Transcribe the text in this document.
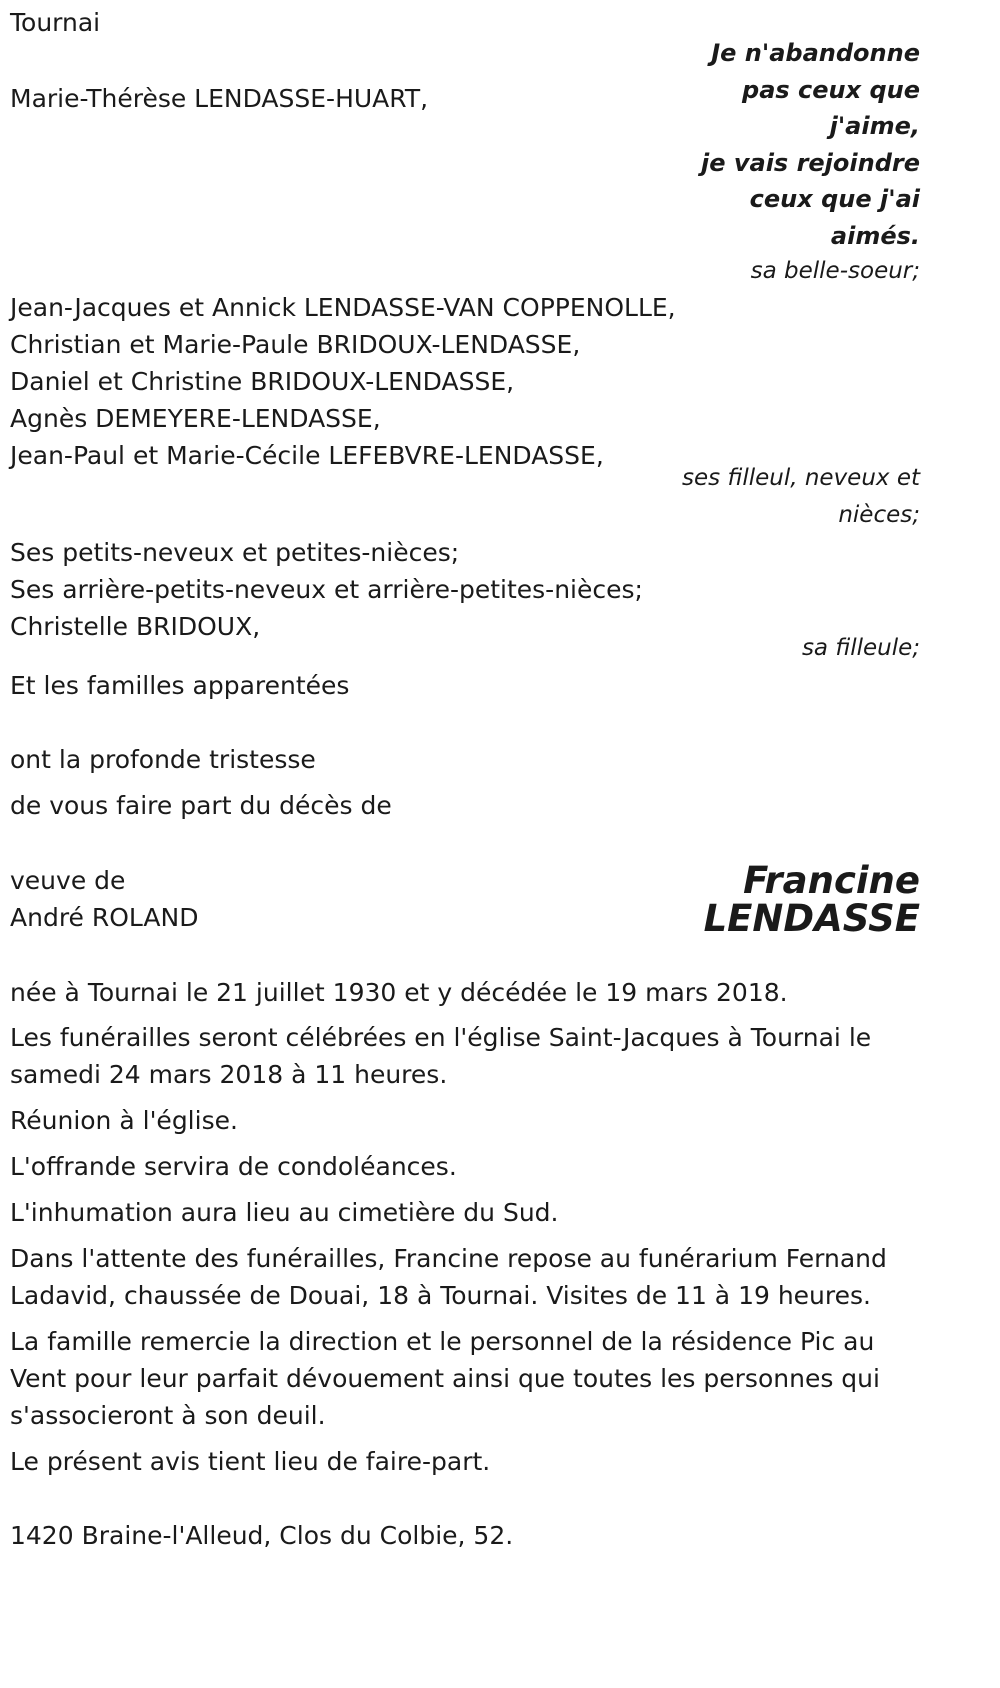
Tournai
Je n'abandonne
pas ceux que
j'aime,
je vais rejoindre
ceux que j'ai
aimés.
Marie-Thérèse LENDASSE-HUART,
sa belle-soeur;
Jean-Jacques et Annick LENDASSE-VAN COPPENOLLE,
Christian et Marie-Paule BRIDOUX-LENDASSE,
Daniel et Christine BRIDOUX-LENDASSE,
Agnès DEMEYERE-LENDASSE,
Jean-Paul et Marie-Cécile LEFEBVRE-LENDASSE,
ses filleul, neveux et
nièces;
Ses petits-neveux et petites-nièces;
Ses arrière-petits-neveux et arrière-petites-nièces;
Christelle BRIDOUX,
sa filleule;
Et les familles apparentées
ont la profonde tristesse
de vous faire part du décès de
veuve de
André ROLAND
Francine
LENDASSE
née à Tournai le 21 juillet 1930 et y décédée le 19 mars 2018.
Les funérailles seront célébrées en l'église Saint-Jacques à Tournai le
samedi 24 mars 2018 à 11 heures.
Réunion à l'église.
L'offrande servira de condoléances.
L'inhumation aura lieu au cimetière du Sud.
Dans l'attente des funérailles, Francine repose au funérarium Fernand
Ladavid, chaussée de Douai, 18 à Tournai. Visites de 11 à 19 heures.
La famille remercie la direction et le personnel de la résidence Pic au
Vent pour leur parfait dévouement ainsi que toutes les personnes qui
s'associeront à son deuil.
Le présent avis tient lieu de faire-part.
1420 Braine-l'Alleud, Clos du Colbie, 52.
